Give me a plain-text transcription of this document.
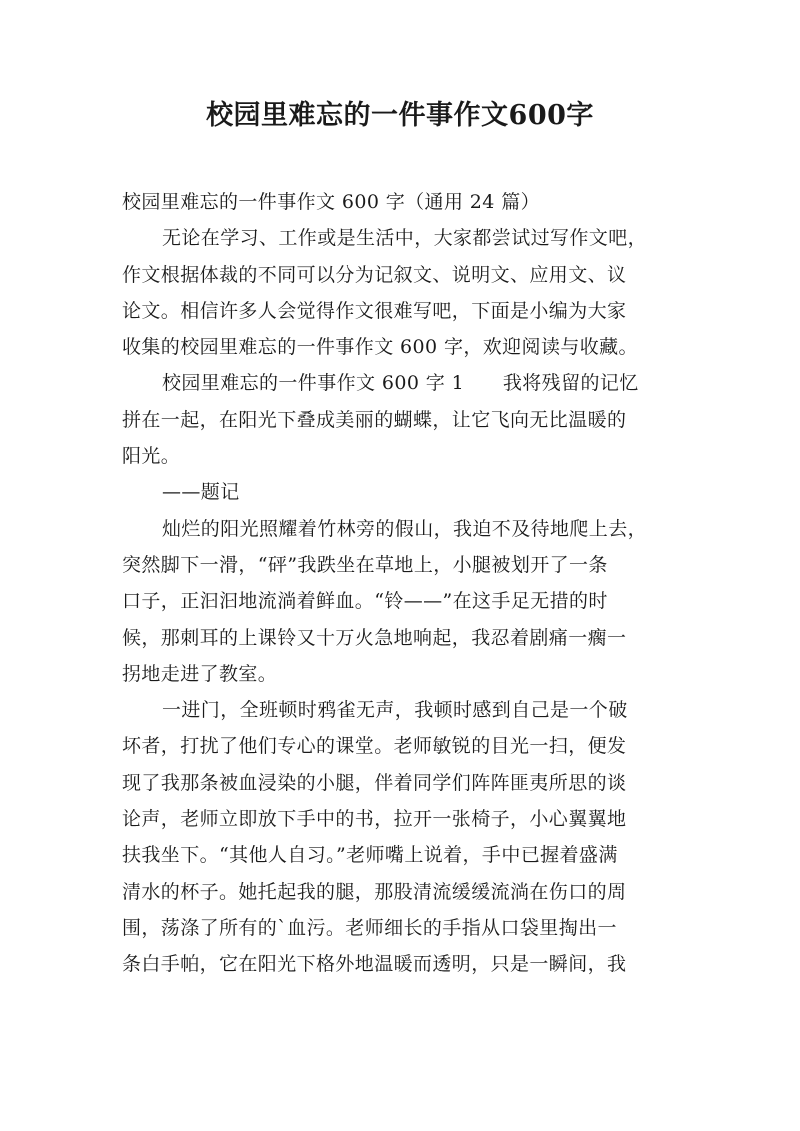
校园里难忘的一件事作文600字
校园里难忘的一件事作文 600 字（通用 24 篇）
无论在学习、工作或是生活中，大家都尝试过写作文吧，
作文根据体裁的不同可以分为记叙文、说明文、应用文、议
论文。相信许多人会觉得作文很难写吧，下面是小编为大家
收集的校园里难忘的一件事作文 600 字，欢迎阅读与收藏。
校园里难忘的一件事作文 600 字 1　　我将残留的记忆
拼在一起，在阳光下叠成美丽的蝴蝶，让它飞向无比温暖的
阳光。
——题记
灿烂的阳光照耀着竹林旁的假山，我迫不及待地爬上去，
突然脚下一滑，“砰”我跌坐在草地上，小腿被划开了一条
口子，正汩汩地流淌着鲜血。“铃——”在这手足无措的时
候，那刺耳的上课铃又十万火急地响起，我忍着剧痛一瘸一
拐地走进了教室。
一进门，全班顿时鸦雀无声，我顿时感到自己是一个破
坏者，打扰了他们专心的课堂。老师敏锐的目光一扫，便发
现了我那条被血浸染的小腿，伴着同学们阵阵匪夷所思的谈
论声，老师立即放下手中的书，拉开一张椅子，小心翼翼地
扶我坐下。“其他人自习。”老师嘴上说着，手中已握着盛满
清水的杯子。她托起我的腿，那股清流缓缓流淌在伤口的周
围，荡涤了所有的`血污。老师细长的手指从口袋里掏出一
条白手帕，它在阳光下格外地温暖而透明，只是一瞬间，我
